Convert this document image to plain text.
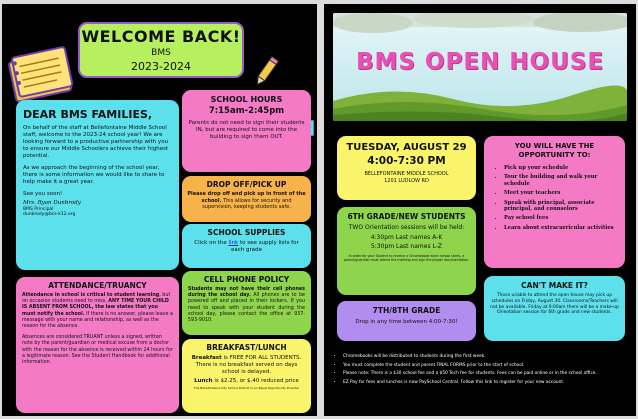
WELCOME BACK!
BMS
2023-2024
DEAR BMS FAMILIES,
On behalf of the staff at Bellefontaine Middle School staff, welcome to the 2023-24 school year! We are looking forward to a productive partnership with you to ensure our Middle Schoolers achieve their highest potential.
As we approach the beginning of the school year, there is some information we would like to share to help make it a great year.
See you soon!
Mrs. Ryan Dunbrody
BMS Principal
dunbrody@bcs-k12.org
SCHOOL HOURS
7:15am-2:45pm
Parents do not need to sign their students IN, but are required to come into the building to sign them OUT.
DROP OFF/PICK UP
Please drop off and pick up in front of the school. This allows for security and supervision, keeping students safe.
SCHOOL SUPPLIES
Click on the link to see supply lists for each grade
ATTENDANCE/TRUANCY
Attendance in school is critical to student learning, but on occasion students need to miss. ANY TIME YOUR CHILD IS ABSENT FROM SCHOOL, the law states that you must notify the school. If there is no answer, please leave a message with your name and relationship, as well as the reason for the absence.
Absences are considered TRUANT unless a signed, written note by the parent/guardian or medical excuse from a doctor with the reason for the absence is received within 24 hours for a legitimate reason. See the Student Handbook for additional information.
CELL PHONE POLICY
Students may not have their cell phones during the school day. All phones are to be powered off and placed in their lockers. If you need to speak with your student during the school day, please contact the office at 937-593-9010.
BREAKFAST/LUNCH
Breakfast is FREE FOR ALL STUDENTS. There is no breakfast served on days school is delayed.
Lunch is $2.25, or $.40 reduced price
The Bellefontaine City School District is an Equal Opportunity Provider
BMS OPEN HOUSE
TUESDAY, AUGUST 29
4:00-7:30 PM
BELLEFONTAINE MIDDLE SCHOOL
1201 LUDLOW RD
6TH GRADE/NEW STUDENTS
TWO Orientation sessions will be held:
4:30pm Last names A-K
5:30pm Last names L-Z
In order for your Student to receive a Chromebook when school starts, a parent/guardian must attend the meeting and sign the proper documentation.
7TH/8TH GRADE
Drop in any time between 4:00-7:30!
YOU WILL HAVE THE OPPORTUNITY TO:
• Pick up your schedule
• Tour the building and walk your schedule
• Meet your teachers
• Speak with principal, associate principal, and counselors
• Pay school fees
• Learn about extracurricular activities
CAN'T MAKE IT?
Those unable to attend the open house may pick up schedules on Friday, August 30. Classrooms/Teachers will not be available. Friday at 9:00am there will be a make-up Orientation session for 6th grade and new students.
• Chromebooks will be distributed to students during the first week.
• You must complete the student and parent FINAL FORMS prior to the start of school.
• Please note: There is a $30 school fee and a $50 Tech fee for students. Fees can be paid online or in the school office.
• EZ Pay for fees and lunches is now PaySchool Central. Follow this link to register for your new account.
